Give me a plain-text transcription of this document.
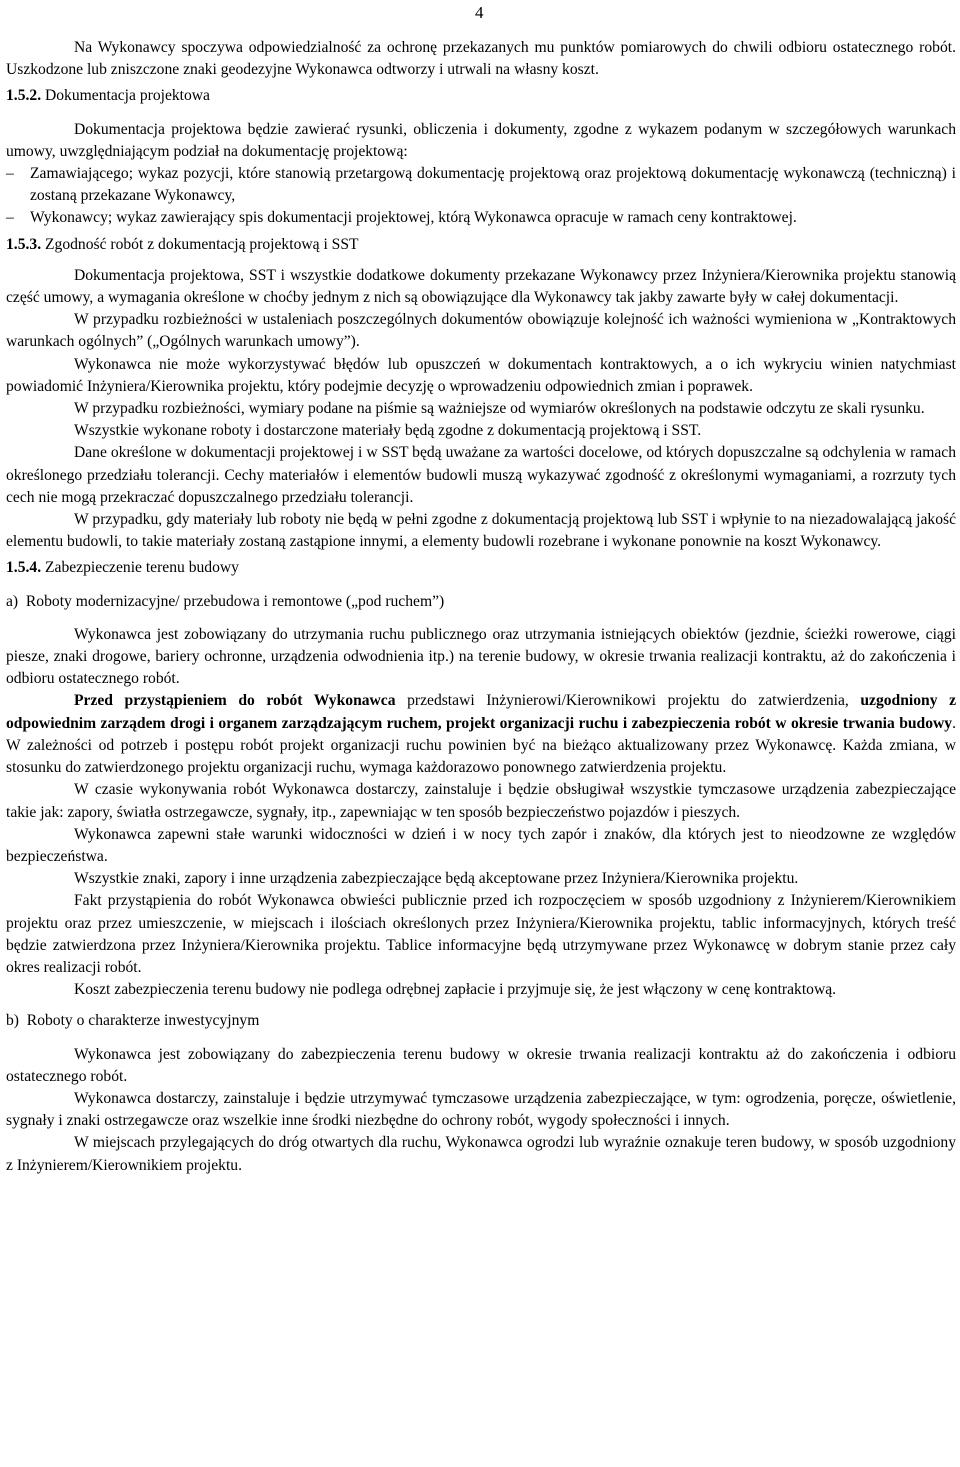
4

Na Wykonawcy spoczywa odpowiedzialność za ochronę przekazanych mu punktów pomiarowych do chwili odbioru ostatecznego robót. Uszkodzone lub zniszczone znaki geodezyjne Wykonawca odtworzy i utrwali na własny koszt.

1.5.2. Dokumentacja projektowa

Dokumentacja projektowa będzie zawierać rysunki, obliczenia i dokumenty, zgodne z wykazem podanym w szczegółowych warunkach umowy, uwzględniającym podział na dokumentację projektową:

– Zamawiającego; wykaz pozycji, które stanowią przetargową dokumentację projektową oraz projektową dokumentację wykonawczą (techniczną) i zostaną przekazane Wykonawcy,
– Wykonawcy; wykaz zawierający spis dokumentacji projektowej, którą Wykonawca opracuje w ramach ceny kontraktowej.
1.5.3. Zgodność robót z dokumentacją projektową i SST

Dokumentacja projektowa, SST i wszystkie dodatkowe dokumenty przekazane Wykonawcy przez Inżyniera/Kierownika projektu stanowią część umowy, a wymagania określone w choćby jednym z nich są obowiązujące dla Wykonawcy tak jakby zawarte były w całej dokumentacji.

W przypadku rozbieżności w ustaleniach poszczególnych dokumentów obowiązuje kolejność ich ważności wymieniona w „Kontraktowych warunkach ogólnych” („Ogólnych warunkach umowy”).

Wykonawca nie może wykorzystywać błędów lub opuszczeń w dokumentach kontraktowych, a o ich wykryciu winien natychmiast powiadomić Inżyniera/Kierownika projektu, który podejmie decyzję o wprowadzeniu odpowiednich zmian i poprawek.

W przypadku rozbieżności, wymiary podane na piśmie są ważniejsze od wymiarów określonych na podstawie odczytu ze skali rysunku.

Wszystkie wykonane roboty i dostarczone materiały będą zgodne z dokumentacją projektową i SST.

Dane określone w dokumentacji projektowej i w SST będą uważane za wartości docelowe, od których dopuszczalne są odchylenia w ramach określonego przedziału tolerancji. Cechy materiałów i elementów budowli muszą wykazywać zgodność z określonymi wymaganiami, a rozrzuty tych cech nie mogą przekraczać dopuszczalnego przedziału tolerancji.

W przypadku, gdy materiały lub roboty nie będą w pełni zgodne z dokumentacją projektową lub SST i wpłynie to na niezadowalającą jakość elementu budowli, to takie materiały zostaną zastąpione innymi, a elementy budowli rozebrane i wykonane ponownie na koszt Wykonawcy.

1.5.4. Zabezpieczenie terenu budowy

a)  Roboty modernizacyjne/ przebudowa i remontowe („pod ruchem”)

Wykonawca jest zobowiązany do utrzymania ruchu publicznego oraz utrzymania istniejących obiektów (jezdnie, ścieżki rowerowe, ciągi piesze, znaki drogowe, bariery ochronne, urządzenia odwodnienia itp.) na terenie budowy, w okresie trwania realizacji kontraktu, aż do zakończenia i odbioru ostatecznego robót.

Przed przystąpieniem do robót Wykonawca przedstawi Inżynierowi/Kierownikowi projektu do zatwierdzenia, uzgodniony z odpowiednim zarządem drogi i organem zarządzającym ruchem, projekt organizacji ruchu i zabezpieczenia robót w okresie trwania budowy. W zależności od potrzeb i postępu robót projekt organizacji ruchu powinien być na bieżąco aktualizowany przez Wykonawcę. Każda zmiana, w stosunku do zatwierdzonego projektu organizacji ruchu, wymaga każdorazowo ponownego zatwierdzenia projektu.

W czasie wykonywania robót Wykonawca dostarczy, zainstaluje i będzie obsługiwał wszystkie tymczasowe urządzenia zabezpieczające takie jak: zapory, światła ostrzegawcze, sygnały, itp., zapewniając w ten sposób bezpieczeństwo pojazdów i pieszych.

Wykonawca zapewni stałe warunki widoczności w dzień i w nocy tych zapór i znaków, dla których jest to nieodzowne ze względów bezpieczeństwa.

Wszystkie znaki, zapory i inne urządzenia zabezpieczające będą akceptowane przez Inżyniera/Kierownika projektu.

Fakt przystąpienia do robót Wykonawca obwieści publicznie przed ich rozpoczęciem w sposób uzgodniony z Inżynierem/Kierownikiem projektu oraz przez umieszczenie, w miejscach i ilościach określonych przez Inżyniera/Kierownika projektu, tablic informacyjnych, których treść będzie zatwierdzona przez Inżyniera/Kierownika projektu. Tablice informacyjne będą utrzymywane przez Wykonawcę w dobrym stanie przez cały okres realizacji robót.

Koszt zabezpieczenia terenu budowy nie podlega odrębnej zapłacie i przyjmuje się, że jest włączony w cenę kontraktową.

b)  Roboty o charakterze inwestycyjnym

Wykonawca jest zobowiązany do zabezpieczenia terenu budowy w okresie trwania realizacji kontraktu aż do zakończenia i odbioru ostatecznego robót.

Wykonawca dostarczy, zainstaluje i będzie utrzymywać tymczasowe urządzenia zabezpieczające, w tym: ogrodzenia, poręcze, oświetlenie, sygnały i znaki ostrzegawcze oraz wszelkie inne środki niezbędne do ochrony robót, wygody społeczności i innych.

W miejscach przylegających do dróg otwartych dla ruchu, Wykonawca ogrodzi lub wyraźnie oznakuje teren budowy, w sposób uzgodniony z Inżynierem/Kierownikiem projektu.
